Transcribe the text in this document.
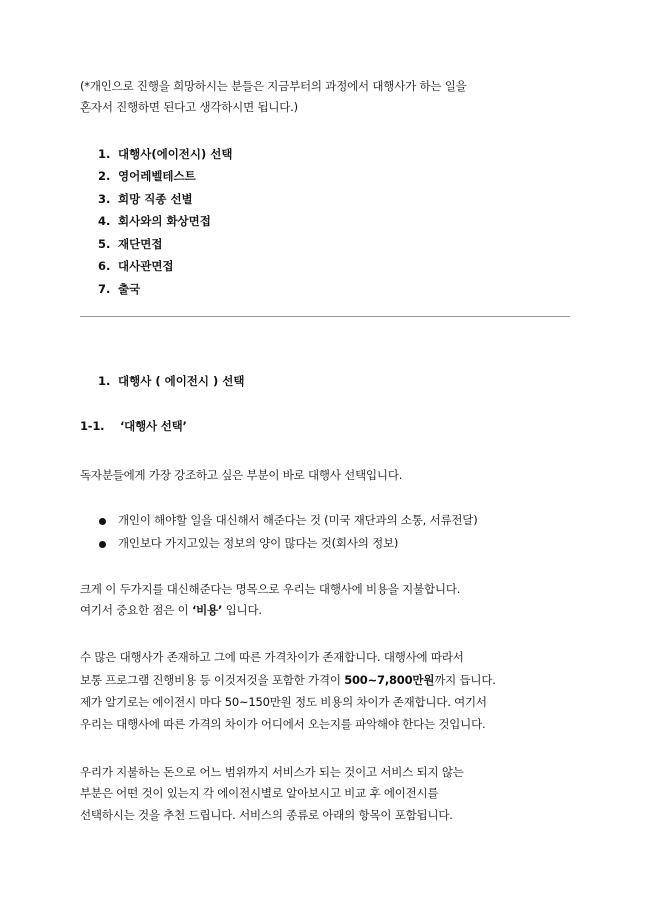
(*개인으로 진행을 희망하시는 분들은 지금부터의 과정에서 대행사가 하는 일을
혼자서 진행하면 된다고 생각하시면 됩니다.)
1. 대행사(에이전시) 선택
2. 영어레벨테스트
3. 희망 직종 선별
4. 회사와의 화상면접
5. 재단면접
6. 대사관면접
7. 출국
1. 대행사 ( 에이전시 ) 선택
1-1. ‘대행사 선택’
독자분들에게 가장 강조하고 싶은 부분이 바로 대행사 선택입니다.
개인이 해야할 일을 대신해서 해준다는 것 (미국 재단과의 소통, 서류전달)
개인보다 가지고있는 정보의 양이 많다는 것(회사의 정보)
크게 이 두가지를 대신해준다는 명목으로 우리는 대행사에 비용을 지불합니다.
여기서 중요한 점은 이 ‘비용’ 입니다.
수 많은 대행사가 존재하고 그에 따른 가격차이가 존재합니다. 대행사에 따라서
보통 프로그램 진행비용 등 이것저것을 포함한 가격이 500~7,800만원까지 듭니다.
제가 알기로는 에이전시 마다 50~150만원 정도 비용의 차이가 존재합니다. 여기서
우리는 대행사에 따른 가격의 차이가 어디에서 오는지를 파악해야 한다는 것입니다.
우리가 지불하는 돈으로 어느 범위까지 서비스가 되는 것이고 서비스 되지 않는
부분은 어떤 것이 있는지 각 에이전시별로 알아보시고 비교 후 에이전시를
선택하시는 것을 추천 드립니다. 서비스의 종류로 아래의 항목이 포함됩니다.
